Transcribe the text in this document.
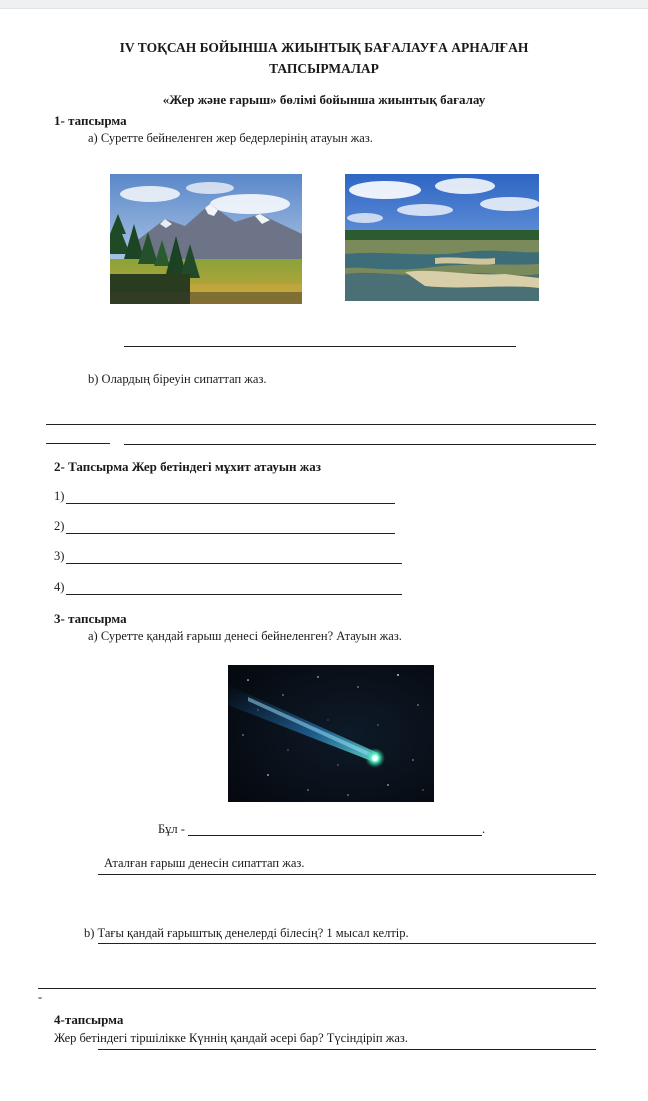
IV ТОҚСАН БОЙЫНША ЖИЫНТЫҚ БАҒАЛАУҒА АРНАЛҒАН
ТАПСЫРМАЛАР
«Жер және ғарыш» бөлімі бойынша жиынтық бағалау
1- тапсырма
а) Суретте бейнеленген жер бедерлерінің атауын жаз.
b) Олардың біреуін сипаттап жаз.
2- Тапсырма Жер бетіндегі мұхит атауын жаз
1)
2)
3)
4)
3- тапсырма
а) Суретте қандай ғарыш денесі бейнеленген? Атауын жаз.
Бұл -	.
Аталған ғарыш денесін сипаттап жаз.
b) Тағы қандай ғарыштық денелерді білесің? 1 мысал келтір.
-
4-тапсырма
Жер бетіндегі тіршілікке Күннің қандай әсері бар? Түсіндіріп жаз.
